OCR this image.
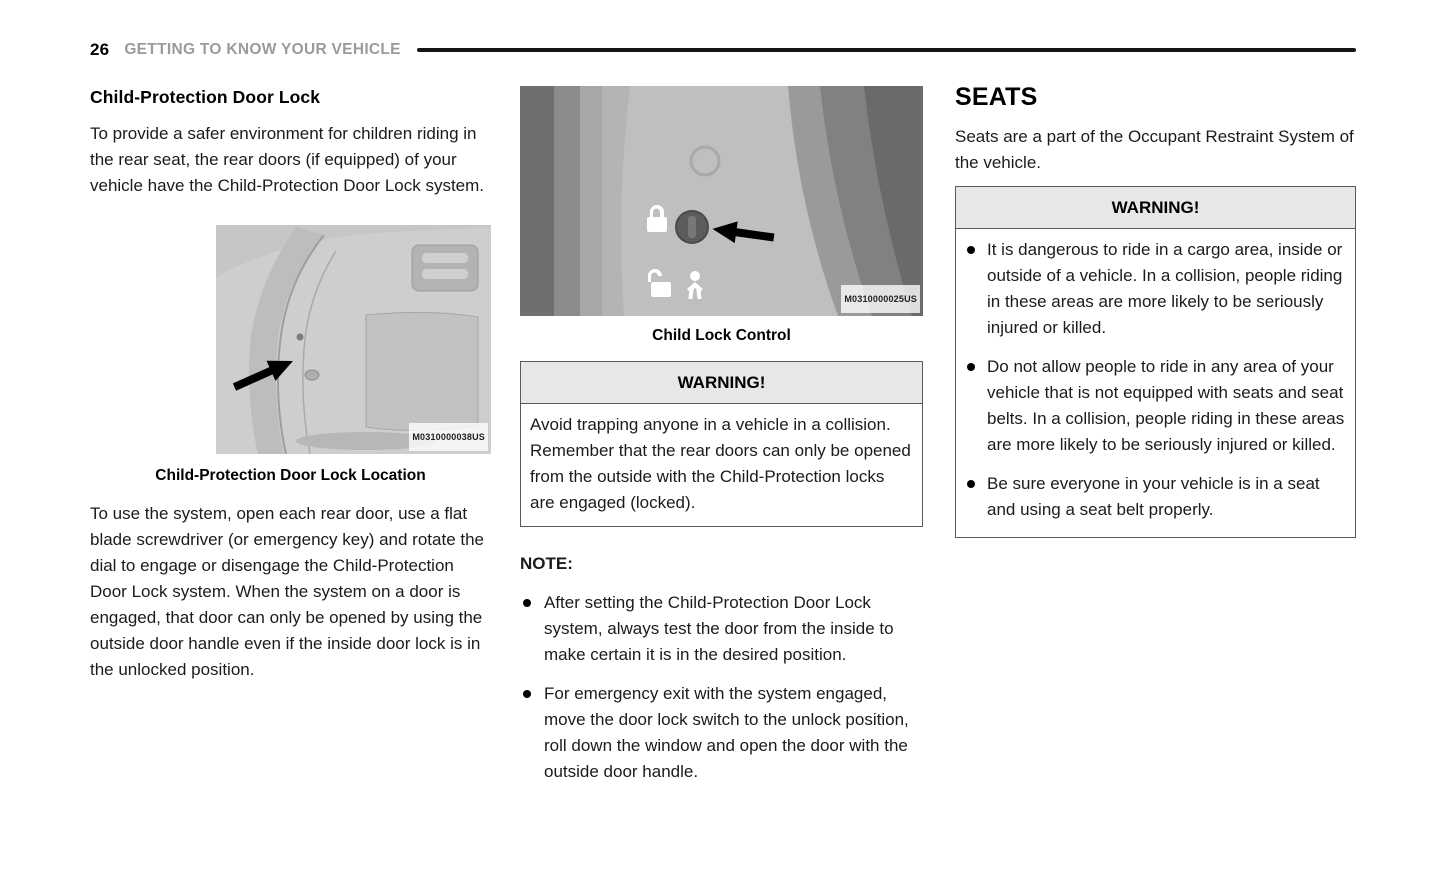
26 GETTING TO KNOW YOUR VEHICLE
Child-Protection Door Lock
To provide a safer environment for children riding in the rear seat, the rear doors (if equipped) of your vehicle have the Child-Protection Door Lock system.
M0310000038US
Child-Protection Door Lock Location
To use the system, open each rear door, use a flat blade screwdriver (or emergency key) and rotate the dial to engage or disengage the Child-Protection Door Lock system. When the system on a door is engaged, that door can only be opened by using the outside door handle even if the inside door lock is in the unlocked position.
M0310000025US
Child Lock Control
WARNING!
Avoid trapping anyone in a vehicle in a collision. Remember that the rear doors can only be opened from the outside with the Child-Protection locks are engaged (locked).
NOTE:
After setting the Child-Protection Door Lock system, always test the door from the inside to make certain it is in the desired position.
For emergency exit with the system engaged, move the door lock switch to the unlock position, roll down the window and open the door with the outside door handle.
SEATS
Seats are a part of the Occupant Restraint System of the vehicle.
WARNING!
It is dangerous to ride in a cargo area, inside or outside of a vehicle. In a collision, people riding in these areas are more likely to be seriously injured or killed.
Do not allow people to ride in any area of your vehicle that is not equipped with seats and seat belts. In a collision, people riding in these areas are more likely to be seriously injured or killed.
Be sure everyone in your vehicle is in a seat and using a seat belt properly.
